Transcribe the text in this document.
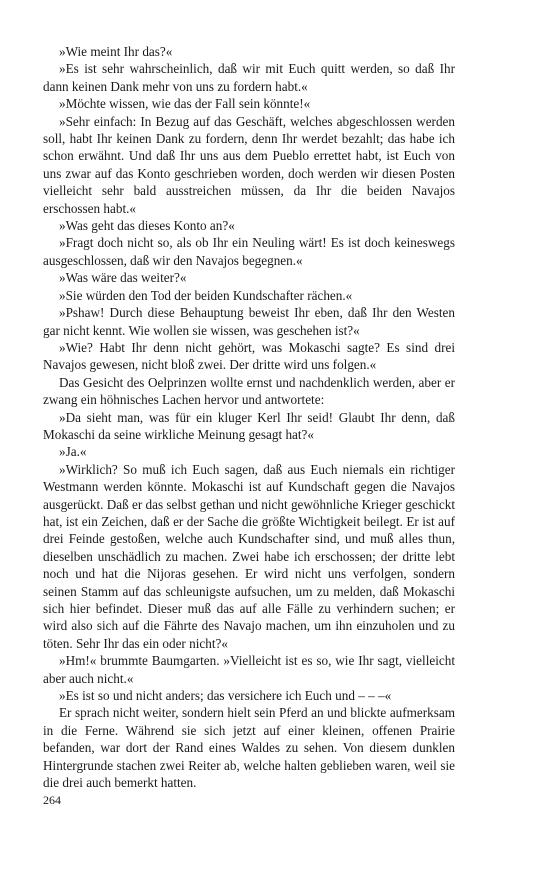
»Wie meint Ihr das?«

»Es ist sehr wahrscheinlich, daß wir mit Euch quitt werden, so daß Ihr dann keinen Dank mehr von uns zu fordern habt.«

»Möchte wissen, wie das der Fall sein könnte!«

»Sehr einfach: In Bezug auf das Geschäft, welches abgeschlossen werden soll, habt Ihr keinen Dank zu fordern, denn Ihr werdet bezahlt; das habe ich schon erwähnt. Und daß Ihr uns aus dem Pueblo errettet habt, ist Euch von uns zwar auf das Konto geschrieben worden, doch werden wir diesen Posten vielleicht sehr bald ausstreichen müssen, da Ihr die beiden Navajos erschossen habt.«

»Was geht das dieses Konto an?«

»Fragt doch nicht so, als ob Ihr ein Neuling wärt! Es ist doch keineswegs ausgeschlossen, daß wir den Navajos begegnen.«

»Was wäre das weiter?«

»Sie würden den Tod der beiden Kundschafter rächen.«

»Pshaw! Durch diese Behauptung beweist Ihr eben, daß Ihr den Westen gar nicht kennt. Wie wollen sie wissen, was geschehen ist?«

»Wie? Habt Ihr denn nicht gehört, was Mokaschi sagte? Es sind drei Navajos gewesen, nicht bloß zwei. Der dritte wird uns folgen.«

Das Gesicht des Oelprinzen wollte ernst und nachdenklich werden, aber er zwang ein höhnisches Lachen hervor und antwortete:

»Da sieht man, was für ein kluger Kerl Ihr seid! Glaubt Ihr denn, daß Mokaschi da seine wirkliche Meinung gesagt hat?«

»Ja.«

»Wirklich? So muß ich Euch sagen, daß aus Euch niemals ein richtiger Westmann werden könnte. Mokaschi ist auf Kundschaft gegen die Navajos ausgerückt. Daß er das selbst gethan und nicht gewöhnliche Krieger geschickt hat, ist ein Zeichen, daß er der Sache die größte Wichtigkeit beilegt. Er ist auf drei Feinde gestoßen, welche auch Kundschafter sind, und muß alles thun, dieselben unschädlich zu machen. Zwei habe ich erschossen; der dritte lebt noch und hat die Nijoras gesehen. Er wird nicht uns verfolgen, sondern seinen Stamm auf das schleunigste aufsuchen, um zu melden, daß Mokaschi sich hier befindet. Dieser muß das auf alle Fälle zu verhindern suchen; er wird also sich auf die Fährte des Navajo machen, um ihn einzuholen und zu töten. Sehr Ihr das ein oder nicht?«

»Hm!« brummte Baumgarten. »Vielleicht ist es so, wie Ihr sagt, vielleicht aber auch nicht.«

»Es ist so und nicht anders; das versichere ich Euch und – – –«

Er sprach nicht weiter, sondern hielt sein Pferd an und blickte aufmerksam in die Ferne. Während sie sich jetzt auf einer kleinen, offenen Prairie befanden, war dort der Rand eines Waldes zu sehen. Von diesem dunklen Hintergrunde stachen zwei Reiter ab, welche halten geblieben waren, weil sie die drei auch bemerkt hatten.

264
